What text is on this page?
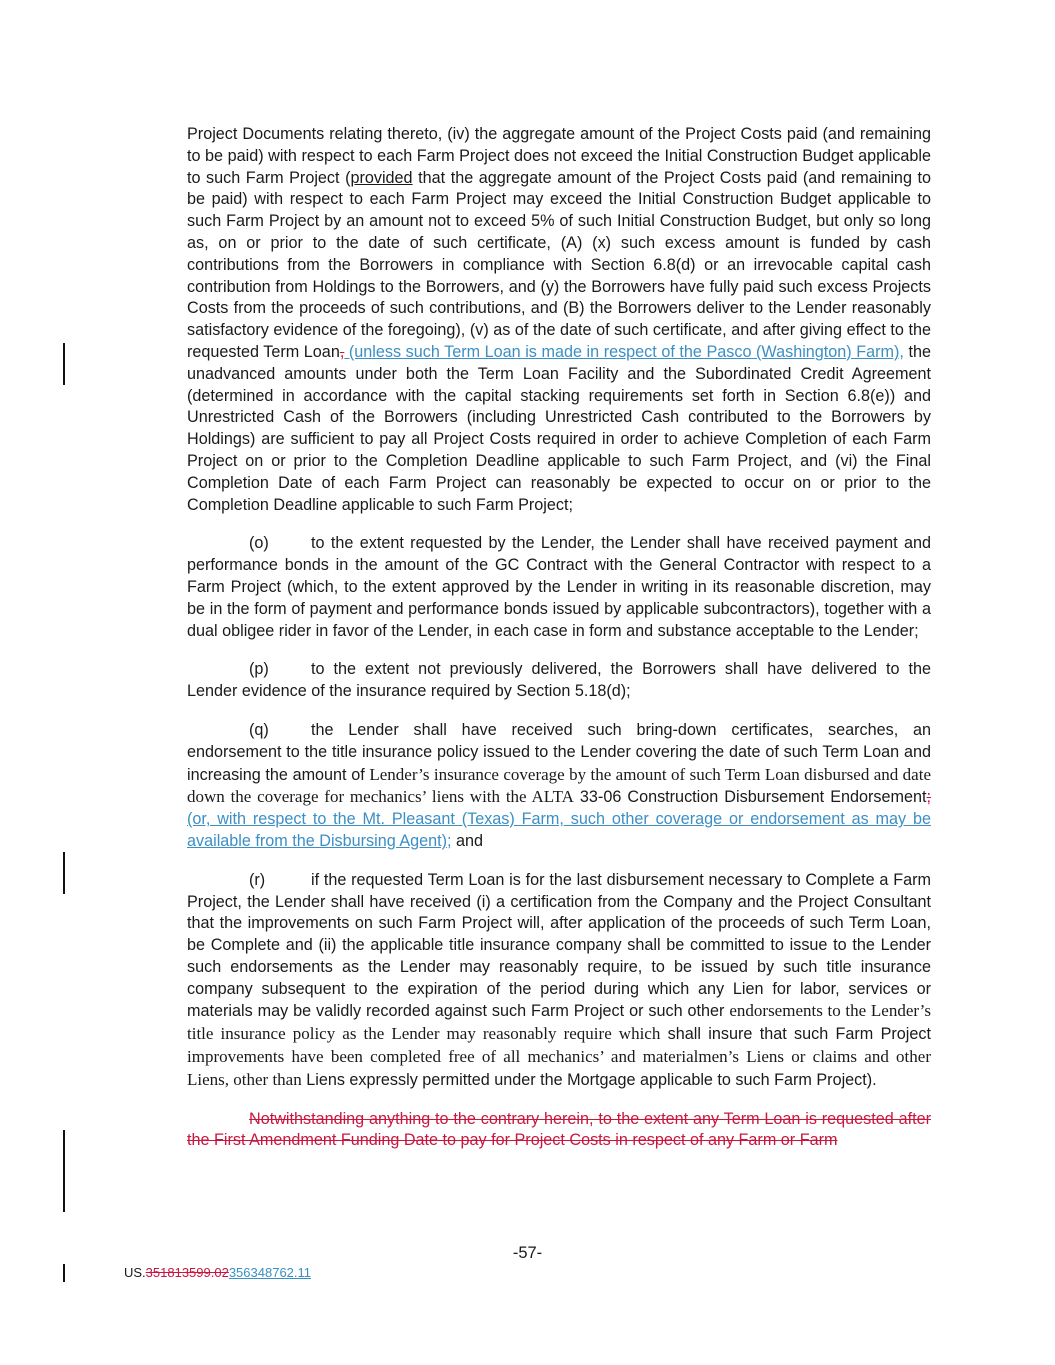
Project Documents relating thereto, (iv) the aggregate amount of the Project Costs paid (and remaining to be paid) with respect to each Farm Project does not exceed the Initial Construction Budget applicable to such Farm Project (provided that the aggregate amount of the Project Costs paid (and remaining to be paid) with respect to each Farm Project may exceed the Initial Construction Budget applicable to such Farm Project by an amount not to exceed 5% of such Initial Construction Budget, but only so long as, on or prior to the date of such certificate, (A) (x) such excess amount is funded by cash contributions from the Borrowers in compliance with Section 6.8(d) or an irrevocable capital cash contribution from Holdings to the Borrowers, and (y) the Borrowers have fully paid such excess Projects Costs from the proceeds of such contributions, and (B) the Borrowers deliver to the Lender reasonably satisfactory evidence of the foregoing), (v) as of the date of such certificate, and after giving effect to the requested Term Loan, (unless such Term Loan is made in respect of the Pasco (Washington) Farm), the unadvanced amounts under both the Term Loan Facility and the Subordinated Credit Agreement (determined in accordance with the capital stacking requirements set forth in Section 6.8(e)) and Unrestricted Cash of the Borrowers (including Unrestricted Cash contributed to the Borrowers by Holdings) are sufficient to pay all Project Costs required in order to achieve Completion of each Farm Project on or prior to the Completion Deadline applicable to such Farm Project, and (vi) the Final Completion Date of each Farm Project can reasonably be expected to occur on or prior to the Completion Deadline applicable to such Farm Project;

(o)	to the extent requested by the Lender, the Lender shall have received payment and performance bonds in the amount of the GC Contract with the General Contractor with respect to a Farm Project (which, to the extent approved by the Lender in writing in its reasonable discretion, may be in the form of payment and performance bonds issued by applicable subcontractors), together with a dual obligee rider in favor of the Lender, in each case in form and substance acceptable to the Lender;

(p)	to the extent not previously delivered, the Borrowers shall have delivered to the Lender evidence of the insurance required by Section 5.18(d);

(q)	the Lender shall have received such bring-down certificates, searches, an endorsement to the title insurance policy issued to the Lender covering the date of such Term Loan and increasing the amount of Lender’s insurance coverage by the amount of such Term Loan disbursed and date down the coverage for mechanics’ liens with the ALTA 33-06 Construction Disbursement Endorsement; (or, with respect to the Mt. Pleasant (Texas) Farm, such other coverage or endorsement as may be available from the Disbursing Agent); and

(r)	if the requested Term Loan is for the last disbursement necessary to Complete a Farm Project, the Lender shall have received (i) a certification from the Company and the Project Consultant that the improvements on such Farm Project will, after application of the proceeds of such Term Loan, be Complete and (ii) the applicable title insurance company shall be committed to issue to the Lender such endorsements as the Lender may reasonably require, to be issued by such title insurance company subsequent to the expiration of the period during which any Lien for labor, services or materials may be validly recorded against such Farm Project or such other endorsements to the Lender’s title insurance policy as the Lender may reasonably require which shall insure that such Farm Project improvements have been completed free of all mechanics’ and materialmen’s Liens or claims and other Liens, other than Liens expressly permitted under the Mortgage applicable to such Farm Project).

Notwithstanding anything to the contrary herein, to the extent any Term Loan is requested after the First Amendment Funding Date to pay for Project Costs in respect of any Farm or Farm

-57-
US.351813599.02356348762.11
